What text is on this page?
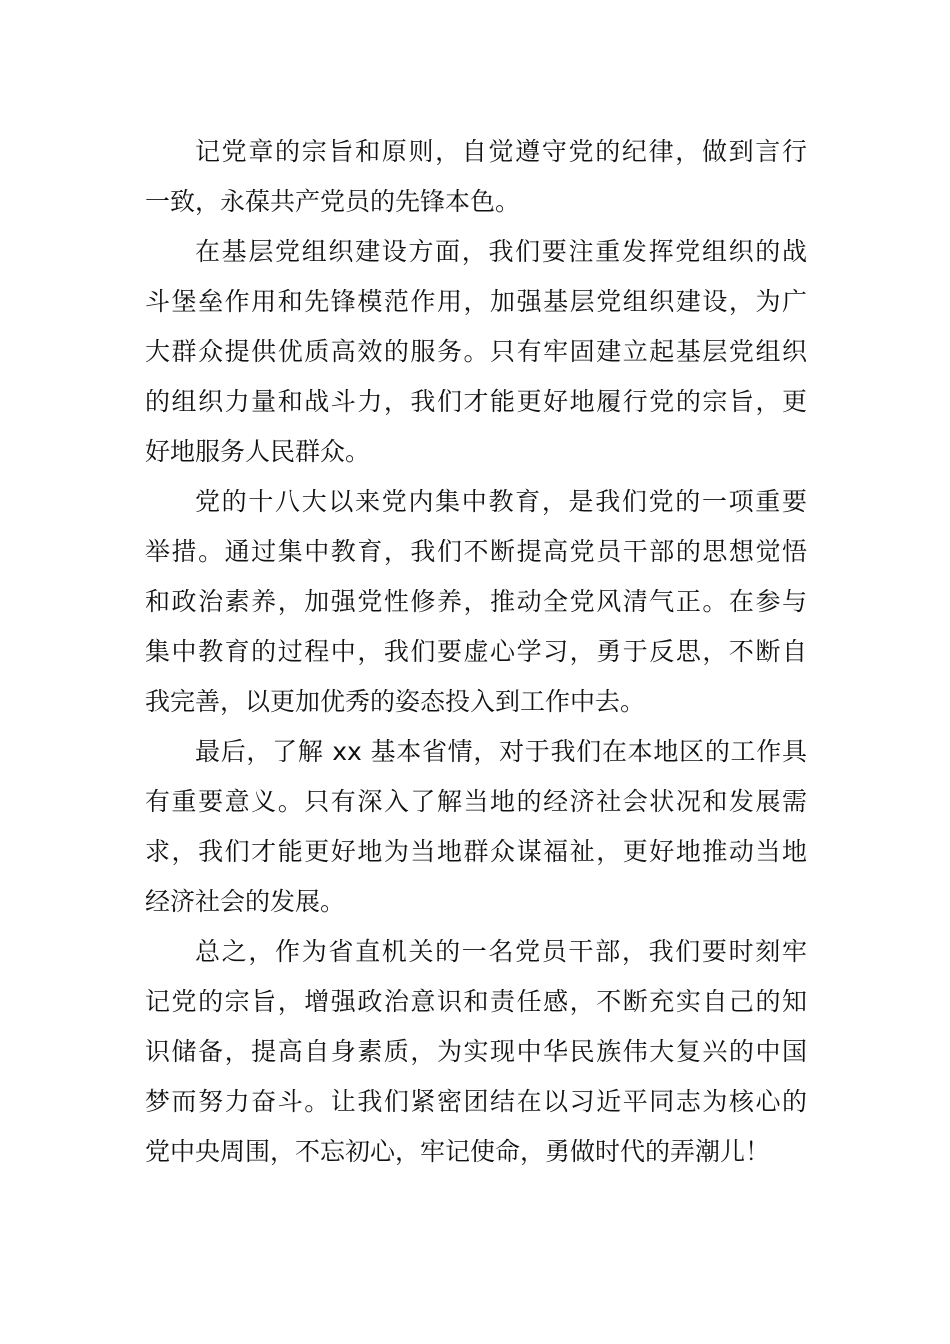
记党章的宗旨和原则，自觉遵守党的纪律，做到言行
一致，永葆共产党员的先锋本色。
在基层党组织建设方面，我们要注重发挥党组织的战
斗堡垒作用和先锋模范作用，加强基层党组织建设，为广
大群众提供优质高效的服务。只有牢固建立起基层党组织
的组织力量和战斗力，我们才能更好地履行党的宗旨，更
好地服务人民群众。
党的十八大以来党内集中教育，是我们党的一项重要
举措。通过集中教育，我们不断提高党员干部的思想觉悟
和政治素养，加强党性修养，推动全党风清气正。在参与
集中教育的过程中，我们要虚心学习，勇于反思，不断自
我完善，以更加优秀的姿态投入到工作中去。
最后，了解 xx 基本省情，对于我们在本地区的工作具
有重要意义。只有深入了解当地的经济社会状况和发展需
求，我们才能更好地为当地群众谋福祉，更好地推动当地
经济社会的发展。
总之，作为省直机关的一名党员干部，我们要时刻牢
记党的宗旨，增强政治意识和责任感，不断充实自己的知
识储备，提高自身素质，为实现中华民族伟大复兴的中国
梦而努力奋斗。让我们紧密团结在以习近平同志为核心的
党中央周围，不忘初心，牢记使命，勇做时代的弄潮儿！
